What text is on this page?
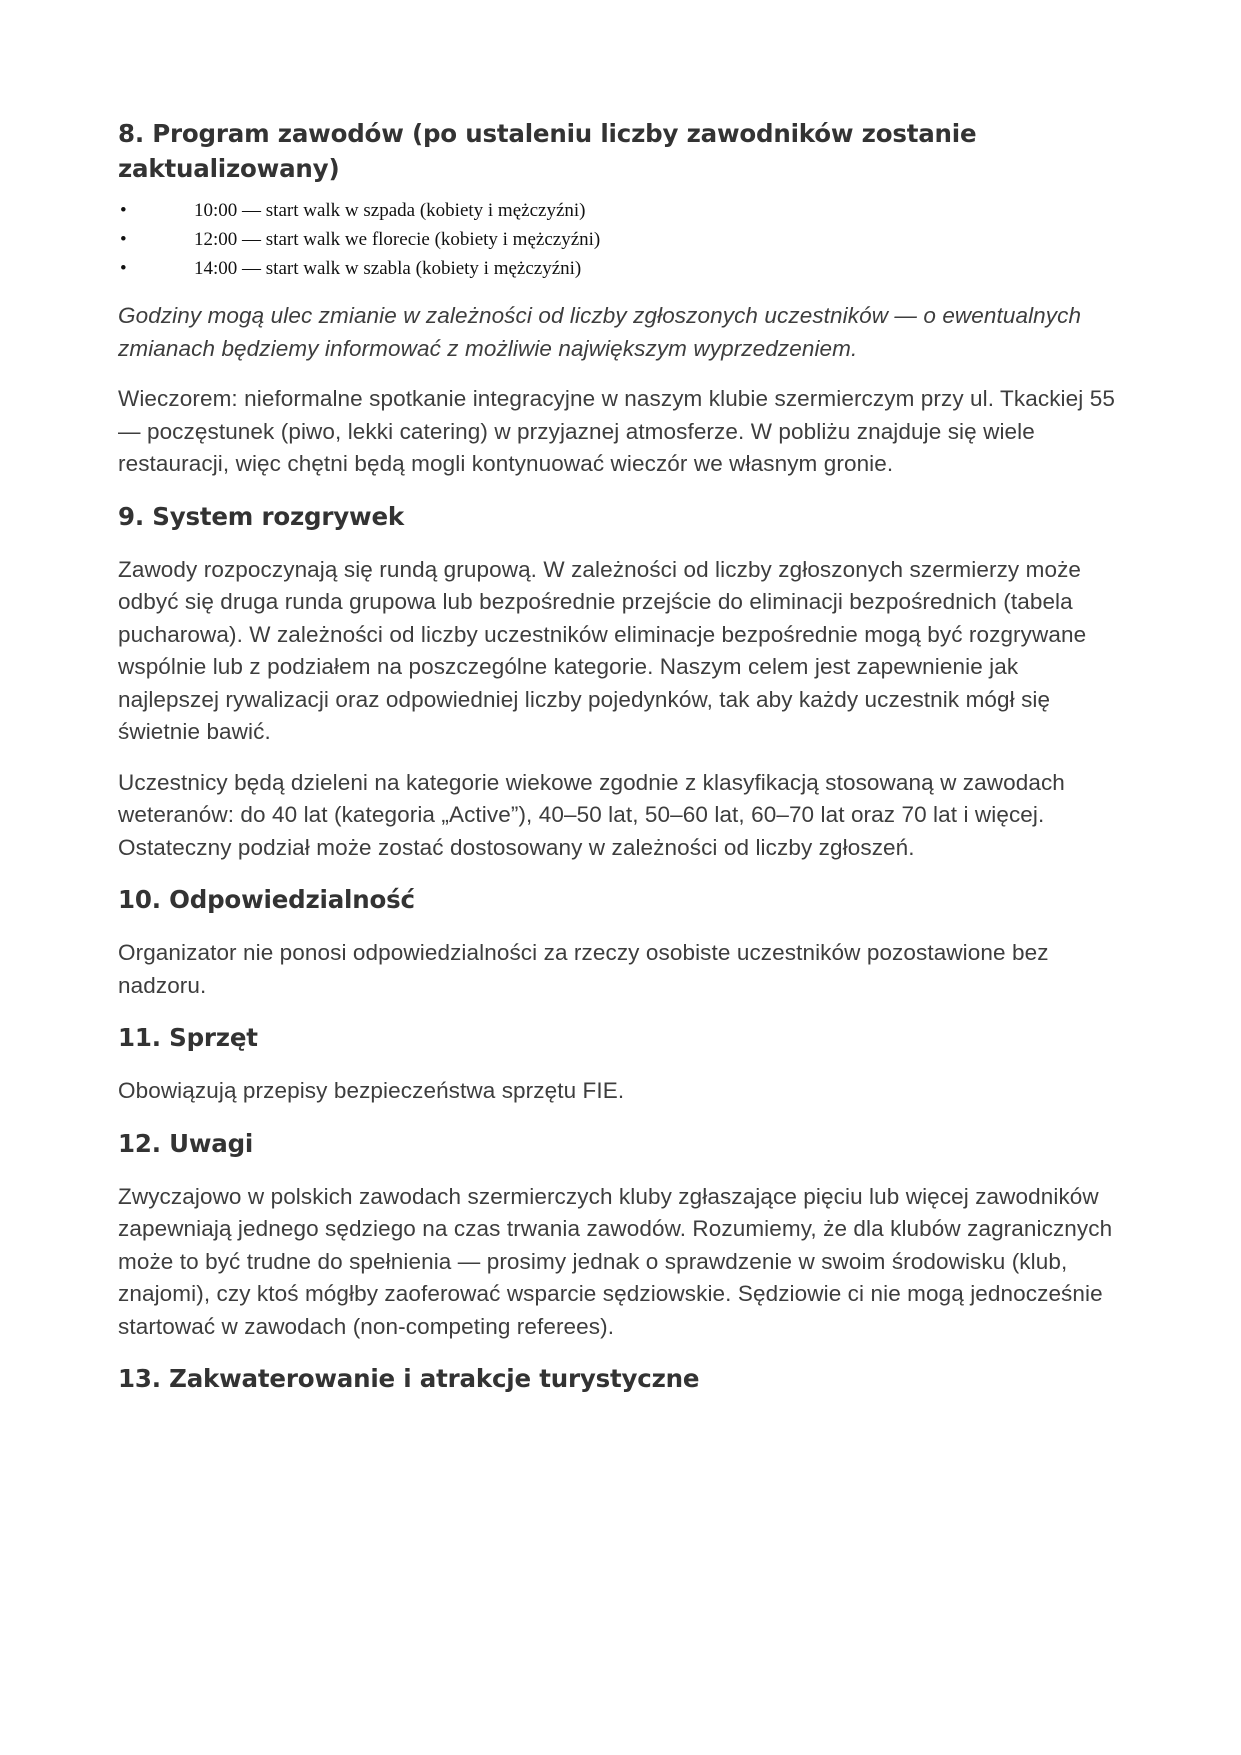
8. Program zawodów (po ustaleniu liczby zawodników zostanie zaktualizowany)
•	10:00 — start walk w szpada (kobiety i mężczyźni)
•	12:00 — start walk we florecie (kobiety i mężczyźni)
•	14:00 — start walk w szabla (kobiety i mężczyźni)

Godziny mogą ulec zmianie w zależności od liczby zgłoszonych uczestników — o ewentualnych zmianach będziemy informować z możliwie największym wyprzedzeniem.

Wieczorem: nieformalne spotkanie integracyjne w naszym klubie szermierczym przy ul. Tkackiej 55 — poczęstunek (piwo, lekki catering) w przyjaznej atmosferze. W pobliżu znajduje się wiele restauracji, więc chętni będą mogli kontynuować wieczór we własnym gronie.

9. System rozgrywek

Zawody rozpoczynają się rundą grupową. W zależności od liczby zgłoszonych szermierzy może odbyć się druga runda grupowa lub bezpośrednie przejście do eliminacji bezpośrednich (tabela pucharowa). W zależności od liczby uczestników eliminacje bezpośrednie mogą być rozgrywane wspólnie lub z podziałem na poszczególne kategorie. Naszym celem jest zapewnienie jak najlepszej rywalizacji oraz odpowiedniej liczby pojedynków, tak aby każdy uczestnik mógł się świetnie bawić.

Uczestnicy będą dzieleni na kategorie wiekowe zgodnie z klasyfikacją stosowaną w zawodach weteranów: do 40 lat (kategoria „Active”), 40–50 lat, 50–60 lat, 60–70 lat oraz 70 lat i więcej. Ostateczny podział może zostać dostosowany w zależności od liczby zgłoszeń.

10. Odpowiedzialność

Organizator nie ponosi odpowiedzialności za rzeczy osobiste uczestników pozostawione bez nadzoru.

11. Sprzęt

Obowiązują przepisy bezpieczeństwa sprzętu FIE.

12. Uwagi

Zwyczajowo w polskich zawodach szermierczych kluby zgłaszające pięciu lub więcej zawodników zapewniają jednego sędziego na czas trwania zawodów. Rozumiemy, że dla klubów zagranicznych może to być trudne do spełnienia — prosimy jednak o sprawdzenie w swoim środowisku (klub, znajomi), czy ktoś mógłby zaoferować wsparcie sędziowskie. Sędziowie ci nie mogą jednocześnie startować w zawodach (non-competing referees).

13. Zakwaterowanie i atrakcje turystyczne
